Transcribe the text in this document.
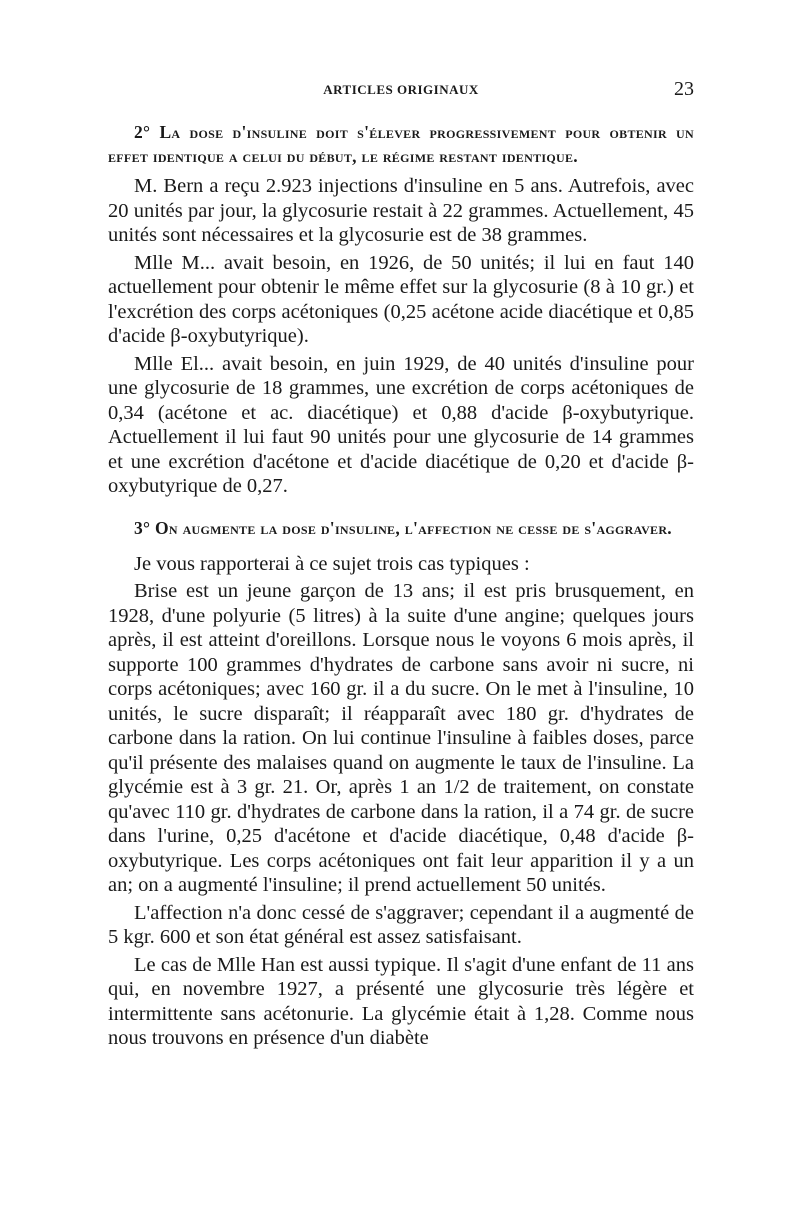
ARTICLES ORIGINAUX	23
2° La dose d'insuline doit s'élever progressivement pour obtenir un effet identique a celui du début, le régime restant identique.

M. Bern a reçu 2.923 injections d'insuline en 5 ans. Autrefois, avec 20 unités par jour, la glycosurie restait à 22 grammes. Actuellement, 45 unités sont nécessaires et la glycosurie est de 38 grammes.

Mlle M... avait besoin, en 1926, de 50 unités; il lui en faut 140 actuellement pour obtenir le même effet sur la glycosurie (8 à 10 gr.) et l'excrétion des corps acétoniques (0,25 acétone acide diacétique et 0,85 d'acide β-oxybutyrique).

Mlle El... avait besoin, en juin 1929, de 40 unités d'insuline pour une glycosurie de 18 grammes, une excrétion de corps acétoniques de 0,34 (acétone et ac. diacétique) et 0,88 d'acide β-oxybutyrique. Actuellement il lui faut 90 unités pour une glycosurie de 14 grammes et une excrétion d'acétone et d'acide diacétique de 0,20 et d'acide β-oxybutyrique de 0,27.

3° On augmente la dose d'insuline, l'affection ne cesse de s'aggraver.

Je vous rapporterai à ce sujet trois cas typiques :

Brise est un jeune garçon de 13 ans; il est pris brusquement, en 1928, d'une polyurie (5 litres) à la suite d'une angine; quelques jours après, il est atteint d'oreillons. Lorsque nous le voyons 6 mois après, il supporte 100 grammes d'hydrates de carbone sans avoir ni sucre, ni corps acétoniques; avec 160 gr. il a du sucre. On le met à l'insuline, 10 unités, le sucre disparaît; il réapparaît avec 180 gr. d'hydrates de carbone dans la ration. On lui continue l'insuline à faibles doses, parce qu'il présente des malaises quand on augmente le taux de l'insuline. La glycémie est à 3 gr. 21. Or, après 1 an 1/2 de traitement, on constate qu'avec 110 gr. d'hydrates de carbone dans la ration, il a 74 gr. de sucre dans l'urine, 0,25 d'acétone et d'acide diacétique, 0,48 d'acide β-oxybutyrique. Les corps acétoniques ont fait leur apparition il y a un an; on a augmenté l'insuline; il prend actuellement 50 unités.

L'affection n'a donc cessé de s'aggraver; cependant il a augmenté de 5 kgr. 600 et son état général est assez satisfaisant.

Le cas de Mlle Han est aussi typique. Il s'agit d'une enfant de 11 ans qui, en novembre 1927, a présenté une glycosurie très légère et intermittente sans acétonurie. La glycémie était à 1,28. Comme nous nous trouvons en présence d'un diabète
